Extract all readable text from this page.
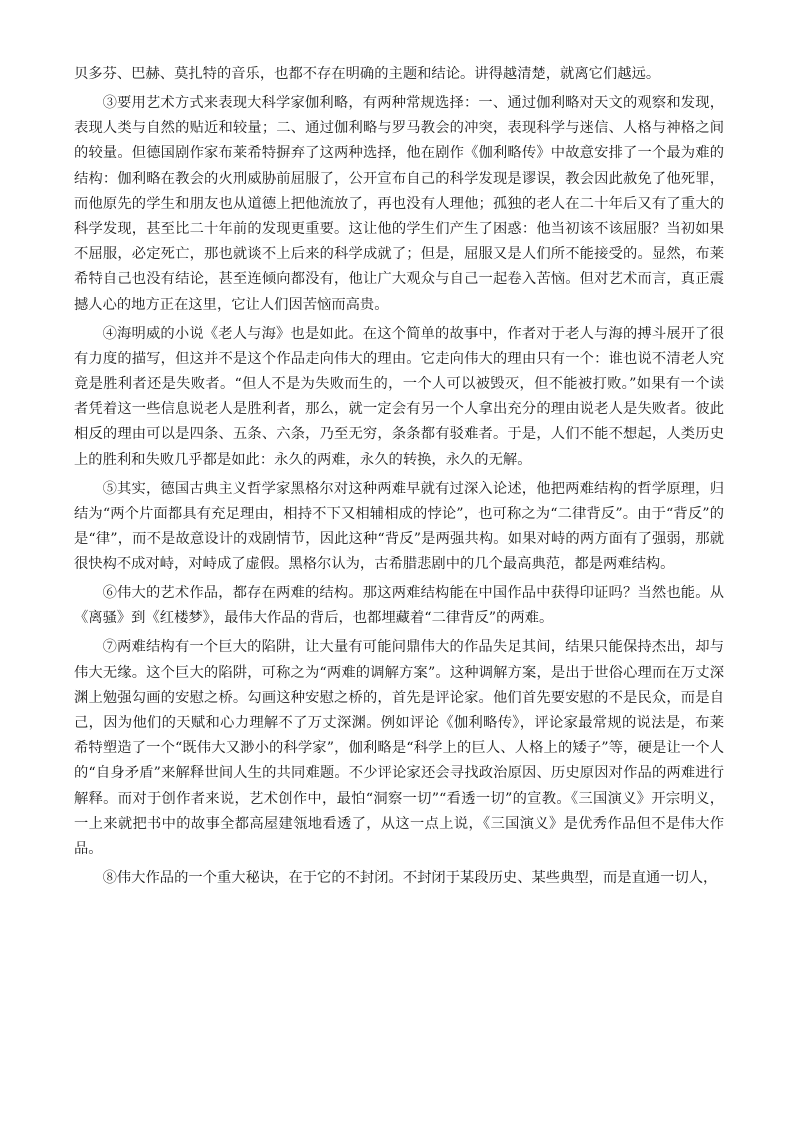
贝多芬、巴赫、莫扎特的音乐，也都不存在明确的主题和结论。讲得越清楚，就离它们越远。

③要用艺术方式来表现大科学家伽利略，有两种常规选择：一、通过伽利略对天文的观察和发现，表现人类与自然的贴近和较量；二、通过伽利略与罗马教会的冲突，表现科学与迷信、人格与神格之间的较量。但德国剧作家布莱希特摒弃了这两种选择，他在剧作《伽利略传》中故意安排了一个最为难的结构：伽利略在教会的火刑威胁前屈服了，公开宣布自己的科学发现是谬误，教会因此赦免了他死罪，而他原先的学生和朋友也从道德上把他流放了，再也没有人理他；孤独的老人在二十年后又有了重大的科学发现，甚至比二十年前的发现更重要。这让他的学生们产生了困惑：他当初该不该屈服？当初如果不屈服，必定死亡，那也就谈不上后来的科学成就了；但是，屈服又是人们所不能接受的。显然，布莱希特自己也没有结论，甚至连倾向都没有，他让广大观众与自己一起卷入苦恼。但对艺术而言，真正震撼人心的地方正在这里，它让人们因苦恼而高贵。

④海明威的小说《老人与海》也是如此。在这个简单的故事中，作者对于老人与海的搏斗展开了很有力度的描写，但这并不是这个作品走向伟大的理由。它走向伟大的理由只有一个：谁也说不清老人究竟是胜利者还是失败者。“但人不是为失败而生的，一个人可以被毁灭，但不能被打败。”如果有一个读者凭着这一些信息说老人是胜利者，那么，就一定会有另一个人拿出充分的理由说老人是失败者。彼此相反的理由可以是四条、五条、六条，乃至无穷，条条都有驳难者。于是，人们不能不想起，人类历史上的胜利和失败几乎都是如此：永久的两难，永久的转换，永久的无解。

⑤其实，德国古典主义哲学家黑格尔对这种两难早就有过深入论述，他把两难结构的哲学原理，归结为“两个片面都具有充足理由，相持不下又相辅相成的悖论”，也可称之为“二律背反”。由于“背反”的是“律”，而不是故意设计的戏剧情节，因此这种“背反”是两强共构。如果对峙的两方面有了强弱，那就很快构不成对峙，对峙成了虚假。黑格尔认为，古希腊悲剧中的几个最高典范，都是两难结构。

⑥伟大的艺术作品，都存在两难的结构。那这两难结构能在中国作品中获得印证吗？当然也能。从《离骚》到《红楼梦》，最伟大作品的背后，也都埋藏着“二律背反”的两难。

⑦两难结构有一个巨大的陷阱，让大量有可能问鼎伟大的作品失足其间，结果只能保持杰出，却与伟大无缘。这个巨大的陷阱，可称之为“两难的调解方案”。这种调解方案，是出于世俗心理而在万丈深渊上勉强勾画的安慰之桥。勾画这种安慰之桥的，首先是评论家。他们首先要安慰的不是民众，而是自己，因为他们的天赋和心力理解不了万丈深渊。例如评论《伽利略传》，评论家最常规的说法是，布莱希特塑造了一个“既伟大又渺小的科学家”，伽利略是“科学上的巨人、人格上的矮子”等，硬是让一个人的“自身矛盾”来解释世间人生的共同难题。不少评论家还会寻找政治原因、历史原因对作品的两难进行解释。而对于创作者来说，艺术创作中，最怕“洞察一切”“看透一切”的宣教。《三国演义》开宗明义，一上来就把书中的故事全都高屋建瓴地看透了，从这一点上说，《三国演义》是优秀作品但不是伟大作品。

⑧伟大作品的一个重大秘诀，在于它的不封闭。不封闭于某段历史、某些典型，而是直通一切人，
